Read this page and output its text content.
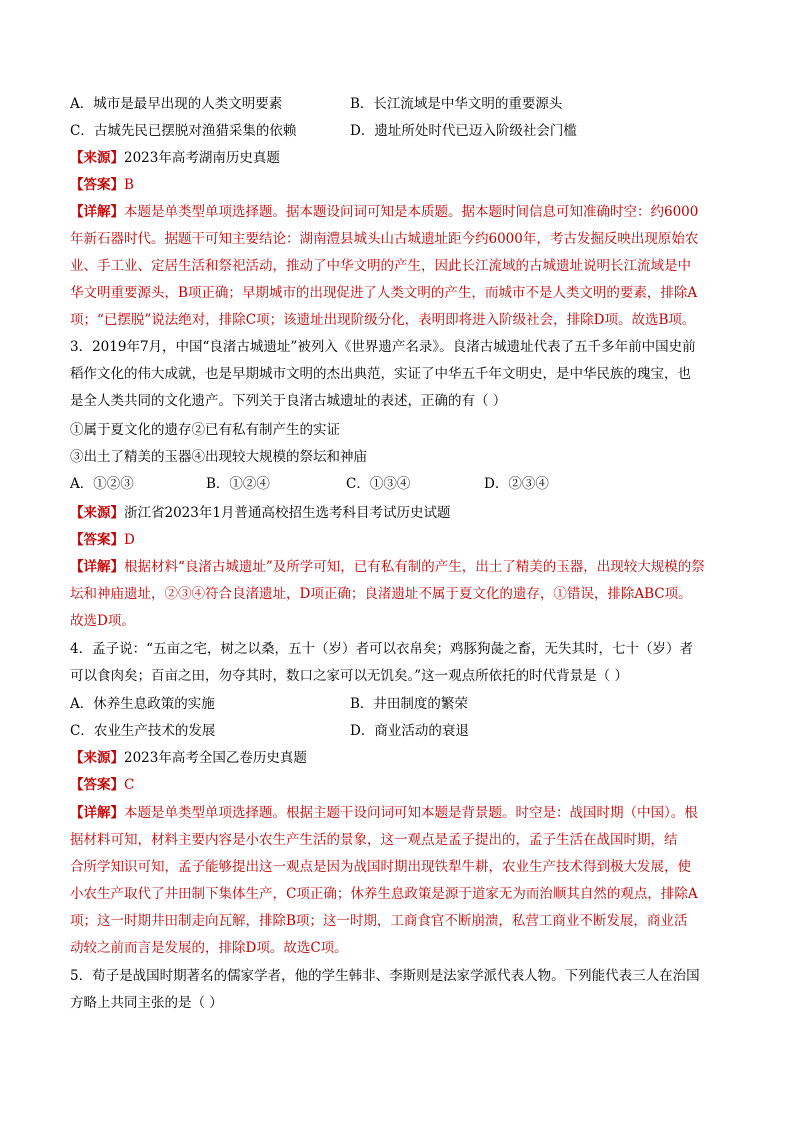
A．城市是最早出现的人类文明要素	B．长江流域是中华文明的重要源头
C．古城先民已摆脱对渔猎采集的依赖	D．遗址所处时代已迈入阶级社会门槛
【来源】2023年高考湖南历史真题
【答案】B
【详解】本题是单类型单项选择题。据本题设问词可知是本质题。据本题时间信息可知准确时空：约6000
年新石器时代。据题干可知主要结论：湖南澧县城头山古城遗址距今约6000年，考古发掘反映出现原始农
业、手工业、定居生活和祭祀活动，推动了中华文明的产生，因此长江流域的古城遗址说明长江流域是中
华文明重要源头，B项正确；早期城市的出现促进了人类文明的产生，而城市不是人类文明的要素，排除A
项；“已摆脱”说法绝对，排除C项；该遗址出现阶级分化，表明即将进入阶级社会，排除D项。故选B项。
3．2019年7月，中国“良渚古城遗址”被列入《世界遗产名录》。良渚古城遗址代表了五千多年前中国史前
稻作文化的伟大成就，也是早期城市文明的杰出典范，实证了中华五千年文明史，是中华民族的瑰宝，也
是全人类共同的文化遗产。下列关于良渚古城遗址的表述，正确的有（ ）
①属于夏文化的遗存②已有私有制产生的实证
③出土了精美的玉器④出现较大规模的祭坛和神庙
A．①②③	B．①②④	C．①③④	D．②③④
【来源】浙江省2023年1月普通高校招生选考科目考试历史试题
【答案】D
【详解】根据材料“良渚古城遗址”及所学可知，已有私有制的产生，出土了精美的玉器，出现较大规模的祭
坛和神庙遗址，②③④符合良渚遗址，D项正确；良渚遗址不属于夏文化的遗存，①错误，排除ABC项。
故选D项。
4．孟子说：“五亩之宅，树之以桑，五十（岁）者可以衣帛矣；鸡豚狗彘之畜，无失其时，七十（岁）者
可以食肉矣；百亩之田，勿夺其时，数口之家可以无饥矣。”这一观点所依托的时代背景是（ ）
A．休养生息政策的实施	B．井田制度的繁荣
C．农业生产技术的发展	D．商业活动的衰退
【来源】2023年高考全国乙卷历史真题
【答案】C
【详解】本题是单类型单项选择题。根据主题干设问词可知本题是背景题。时空是：战国时期（中国）。根
据材料可知，材料主要内容是小农生产生活的景象，这一观点是孟子提出的，孟子生活在战国时期，结
合所学知识可知，孟子能够提出这一观点是因为战国时期出现铁犁牛耕，农业生产技术得到极大发展，使
小农生产取代了井田制下集体生产，C项正确；休养生息政策是源于道家无为而治顺其自然的观点，排除A
项；这一时期井田制走向瓦解，排除B项；这一时期，工商食官不断崩溃，私营工商业不断发展，商业活
动较之前而言是发展的，排除D项。故选C项。
5．荀子是战国时期著名的儒家学者，他的学生韩非、李斯则是法家学派代表人物。下列能代表三人在治国
方略上共同主张的是（ ）
